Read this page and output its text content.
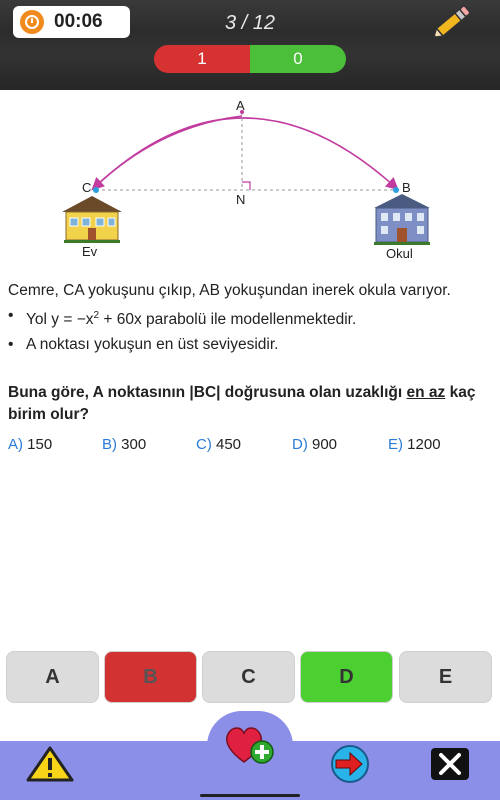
00:06	3 / 12
1	0
A
B
C
N
Ev	Okul

Cemre, CA yokuşunu çıkıp, AB yokuşundan inerek okula varıyor.

• Yol $y = -x^2 + 60x$ parabolü ile modellenmektedir.
• A noktası yokuşun en üst seviyesidir.
Buna göre, A noktasının |BC| doğrusuna olan uzaklığı en az kaç birim olur?
A) 150	B) 300	C) 450	D) 900	E) 1200
A	B	C	D	E
